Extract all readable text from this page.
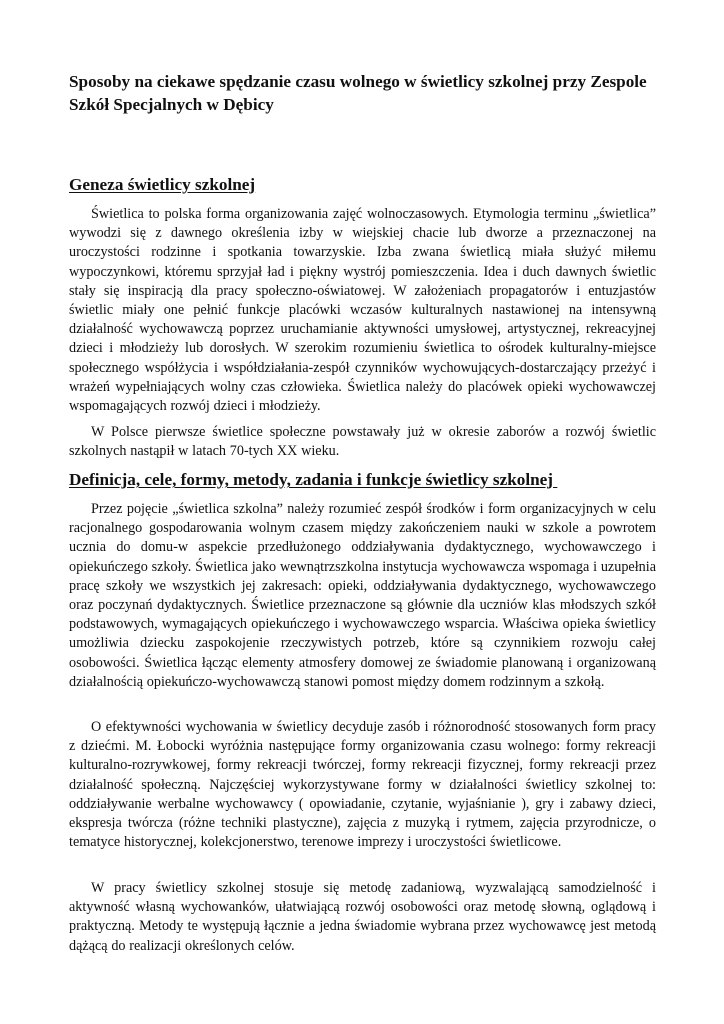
Sposoby na ciekawe spędzanie czasu wolnego w świetlicy szkolnej przy Zespole Szkół Specjalnych w Dębicy
Geneza świetlicy szkolnej

Świetlica to polska forma organizowania zajęć wolnoczasowych. Etymologia terminu „świetlica” wywodzi się z dawnego określenia izby w wiejskiej chacie lub dworze a przeznaczonej na uroczystości rodzinne i spotkania towarzyskie. Izba zwana świetlicą miała służyć miłemu wypoczynkowi, któremu sprzyjał ład i piękny wystrój pomieszczenia. Idea i duch dawnych świetlic stały się inspiracją dla pracy społeczno-oświatowej. W założeniach propagatorów i entuzjastów świetlic miały one pełnić funkcje placówki wczasów kulturalnych nastawionej na intensywną działalność wychowawczą poprzez uruchamianie aktywności umysłowej, artystycznej, rekreacyjnej dzieci i młodzieży lub dorosłych. W szerokim rozumieniu świetlica to ośrodek kulturalny-miejsce społecznego współżycia i współdziałania-zespół czynników wychowujących-dostarczający przeżyć i wrażeń wypełniających wolny czas człowieka. Świetlica należy do placówek opieki wychowawczej wspomagających rozwój dzieci i młodzieży.

W Polsce pierwsze świetlice społeczne powstawały już w okresie zaborów a rozwój świetlic szkolnych nastąpił w latach 70-tych XX wieku.

Definicja, cele, formy, metody, zadania i funkcje świetlicy szkolnej

Przez pojęcie „świetlica szkolna” należy rozumieć zespół środków i form organizacyjnych w celu racjonalnego gospodarowania wolnym czasem między zakończeniem nauki w szkole a powrotem ucznia do domu-w aspekcie przedłużonego oddziaływania dydaktycznego, wychowawczego i opiekuńczego szkoły. Świetlica jako wewnątrzszkolna instytucja wychowawcza wspomaga i uzupełnia pracę szkoły we wszystkich jej zakresach: opieki, oddziaływania dydaktycznego, wychowawczego oraz poczynań dydaktycznych. Świetlice przeznaczone są głównie dla uczniów klas młodszych szkół podstawowych, wymagających opiekuńczego i wychowawczego wsparcia. Właściwa opieka świetlicy umożliwia dziecku zaspokojenie rzeczywistych potrzeb, które są czynnikiem rozwoju całej osobowości. Świetlica łącząc elementy atmosfery domowej ze świadomie planowaną i organizowaną działalnością opiekuńczo-wychowawczą stanowi pomost między domem rodzinnym a szkołą.

O efektywności wychowania w świetlicy decyduje zasób i różnorodność stosowanych form pracy z dziećmi. M. Łobocki wyróżnia następujące formy organizowania czasu wolnego: formy rekreacji kulturalno-rozrywkowej, formy rekreacji twórczej, formy rekreacji fizycznej, formy rekreacji przez działalność społeczną. Najczęściej wykorzystywane formy w działalności świetlicy szkolnej to: oddziaływanie werbalne wychowawcy ( opowiadanie, czytanie, wyjaśnianie ), gry i zabawy dzieci, ekspresja twórcza (różne techniki plastyczne), zajęcia z muzyką i rytmem, zajęcia przyrodnicze, o tematyce historycznej, kolekcjonerstwo, terenowe imprezy i uroczystości świetlicowe.

W pracy świetlicy szkolnej stosuje się metodę zadaniową, wyzwalającą samodzielność i aktywność własną wychowanków, ułatwiającą rozwój osobowości oraz metodę słowną, oglądową i praktyczną. Metody te występują łącznie a jedna świadomie wybrana przez wychowawcę jest metodą dążącą do realizacji określonych celów.
